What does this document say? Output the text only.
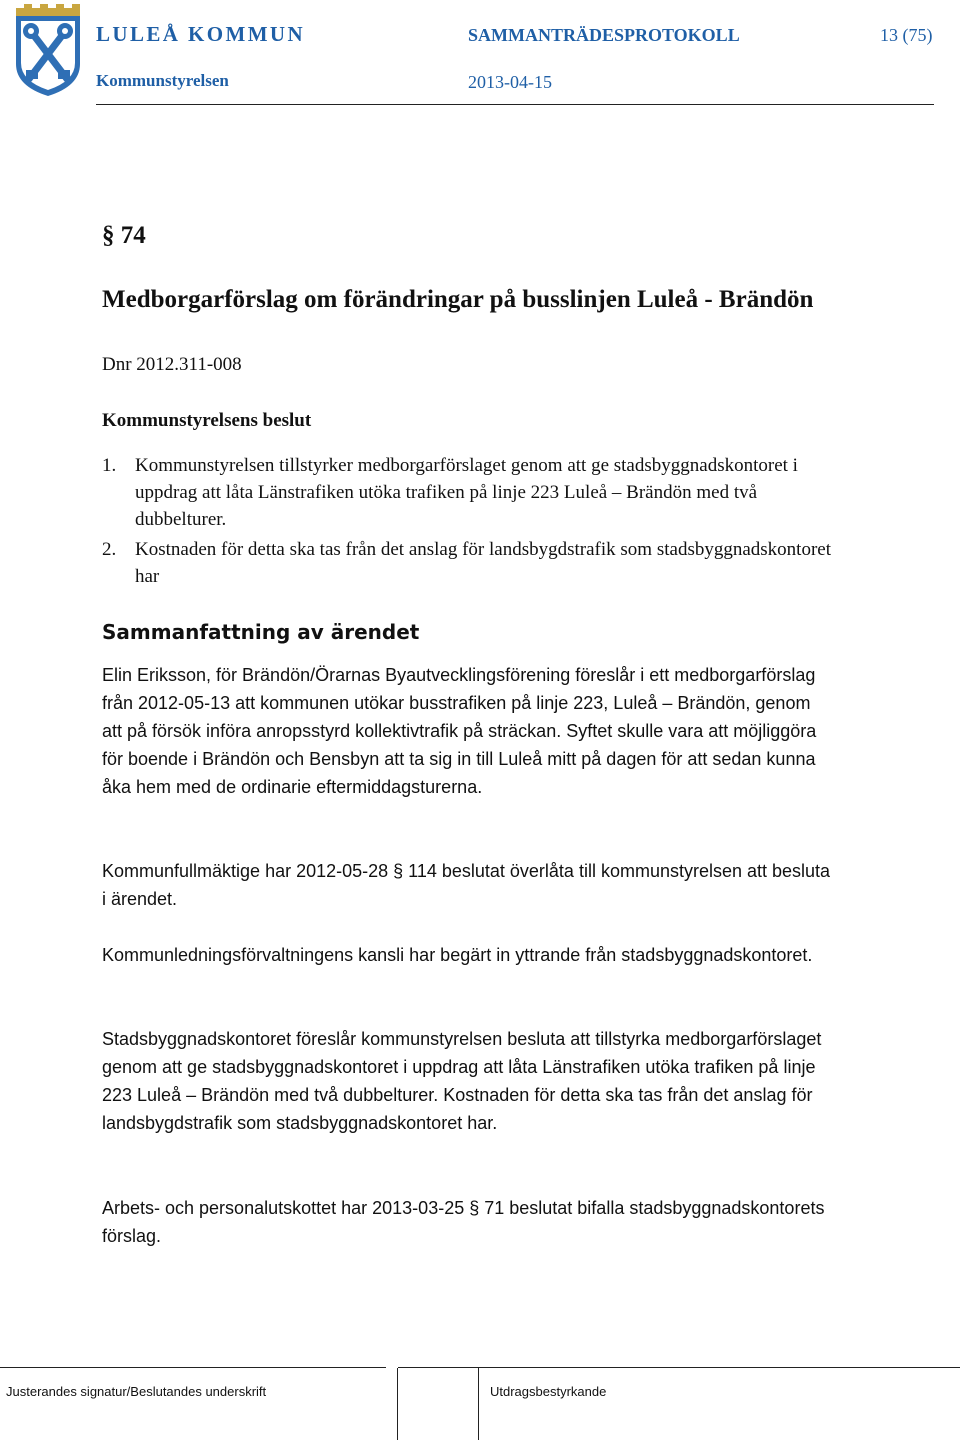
LULEÅ KOMMUN
Kommunstyrelsen
SAMMANTRÄDESPROTOKOLL
2013-04-15
13 (75)
§ 74
Medborgarförslag om förändringar på busslinjen Luleå - Brändön
Dnr 2012.311-008
Kommunstyrelsens beslut
1. Kommunstyrelsen tillstyrker medborgarförslaget genom att ge stadsbyggnadskontoret i uppdrag att låta Länstrafiken utöka trafiken på linje 223 Luleå – Brändön med två dubbelturer.
2. Kostnaden för detta ska tas från det anslag för landsbygdstrafik som stadsbyggnadskontoret har
Sammanfattning av ärendet
Elin Eriksson, för Brändön/Örarnas Byautvecklingsförening föreslår i ett medborgarförslag från 2012-05-13 att kommunen utökar busstrafiken på linje 223, Luleå – Brändön, genom att på försök införa anropsstyrd kollektivtrafik på sträckan. Syftet skulle vara att möjliggöra för boende i Brändön och Bensbyn att ta sig in till Luleå mitt på dagen för att sedan kunna åka hem med de ordinarie eftermiddagsturerna.
Kommunfullmäktige har 2012-05-28 § 114 beslutat överlåta till kommunstyrelsen att besluta i ärendet.
Kommunledningsförvaltningens kansli har begärt in yttrande från stadsbyggnadskontoret.
Stadsbyggnadskontoret föreslår kommunstyrelsen besluta att tillstyrka medborgarförslaget genom att ge stadsbyggnadskontoret i uppdrag att låta Länstrafiken utöka trafiken på linje 223 Luleå – Brändön med två dubbelturer. Kostnaden för detta ska tas från det anslag för landsbygdstrafik som stadsbyggnadskontoret har.
Arbets- och personalutskottet har 2013-03-25 § 71 beslutat bifalla stadsbyggnadskontorets förslag.
Justerandes signatur/Beslutandes underskrift	Utdragsbestyrkande
